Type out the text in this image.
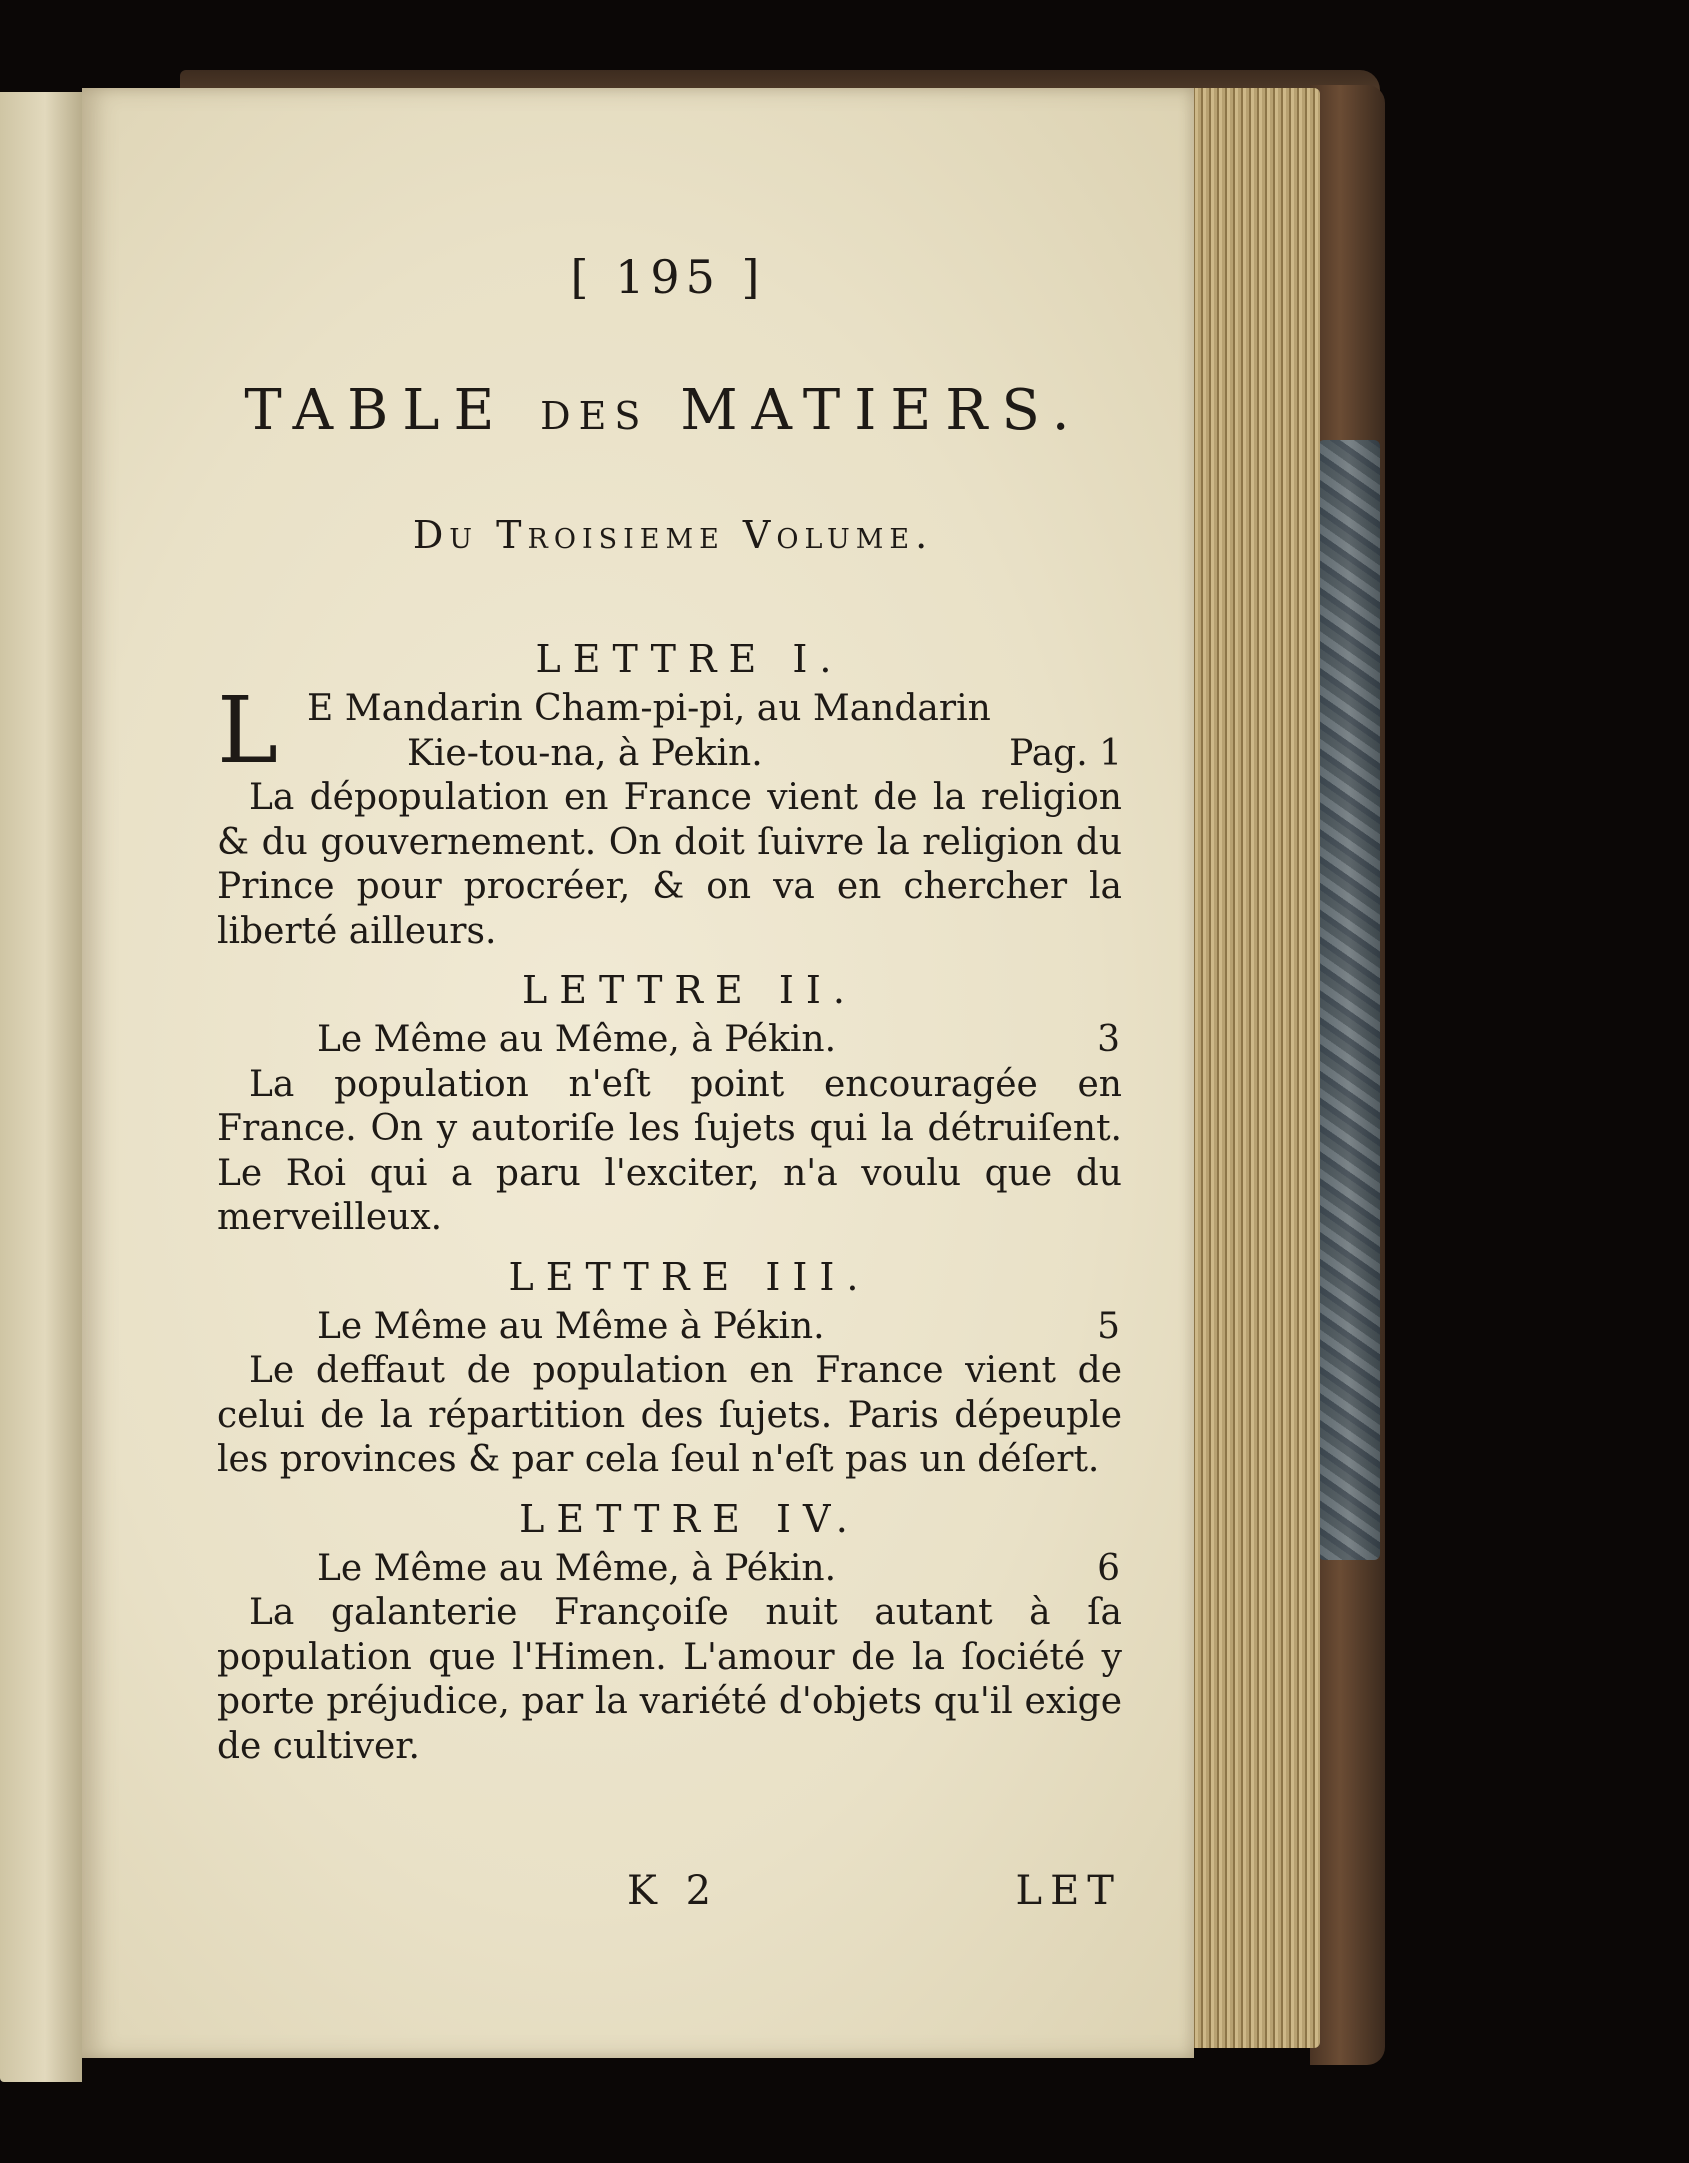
[ 195 ]
TABLE DES MATIERS.
Du Troisieme Volume.
LETTRE I.
L E Mandarin Cham-pi-pi, au Mandarin
Kie-tou-na, à Pekin.	Pag. 1
La dépopulation en France vient de la religion & du gouvernement. On doit ſuivre la religion du Prince pour procréer, & on va en chercher la liberté ailleurs.
LETTRE II.
Le Même au Même, à Pékin.	3
La population n'eſt point encouragée en France. On y autoriſe les ſujets qui la détruiſent. Le Roi qui a paru l'exciter, n'a voulu que du merveilleux.
LETTRE III.
Le Même au Même à Pékin.	5
Le deffaut de population en France vient de celui de la répartition des ſujets. Paris dépeuple les provinces & par cela ſeul n'eſt pas un déſert.
LETTRE IV.
Le Même au Même, à Pékin.	6
La galanterie Françoiſe nuit autant à ſa population que l'Himen. L'amour de la ſociété y porte préjudice, par la variété d'objets qu'il exige de cultiver.
K 2	LET
